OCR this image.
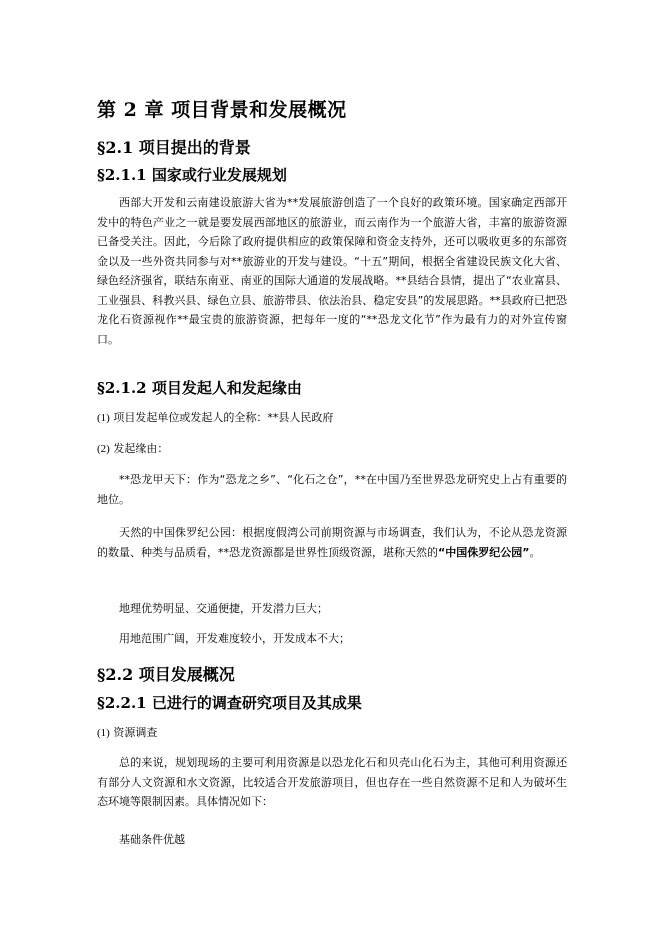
第 2 章 项目背景和发展概况
§2.1 项目提出的背景
§2.1.1 国家或行业发展规划

西部大开发和云南建设旅游大省为**发展旅游创造了一个良好的政策环境。国家确定西部开发中的特色产业之一就是要发展西部地区的旅游业，而云南作为一个旅游大省，丰富的旅游资源已备受关注。因此，今后除了政府提供相应的政策保障和资金支持外，还可以吸收更多的东部资金以及一些外资共同参与对**旅游业的开发与建设。“十五”期间，根据全省建设民族文化大省、绿色经济强省，联结东南亚、南亚的国际大通道的发展战略。**县结合县情，提出了“农业富县、工业强县、科教兴县、绿色立县、旅游带县、依法治县、稳定安县”的发展思路。**县政府已把恐龙化石资源视作**最宝贵的旅游资源，把每年一度的“**恐龙文化节”作为最有力的对外宣传窗口。

§2.1.2 项目发起人和发起缘由
(1) 项目发起单位或发起人的全称：**县人民政府
(2) 发起缘由：

**恐龙甲天下：作为“恐龙之乡”、“化石之仓”，**在中国乃至世界恐龙研究史上占有重要的地位。

天然的中国侏罗纪公园：根据度假湾公司前期资源与市场调查，我们认为，不论从恐龙资源的数量、种类与品质看，**恐龙资源都是世界性顶级资源，堪称天然的“中国侏罗纪公园”。

地理优势明显、交通便捷，开发潜力巨大；
用地范围广阔，开发难度较小，开发成本不大；
§2.2 项目发展概况
§2.2.1 已进行的调查研究项目及其成果
(1) 资源调查

总的来说，规划现场的主要可利用资源是以恐龙化石和贝壳山化石为主，其他可利用资源还有部分人文资源和水文资源，比较适合开发旅游项目，但也存在一些自然资源不足和人为破坏生态环境等限制因素。具体情况如下：

基础条件优越
